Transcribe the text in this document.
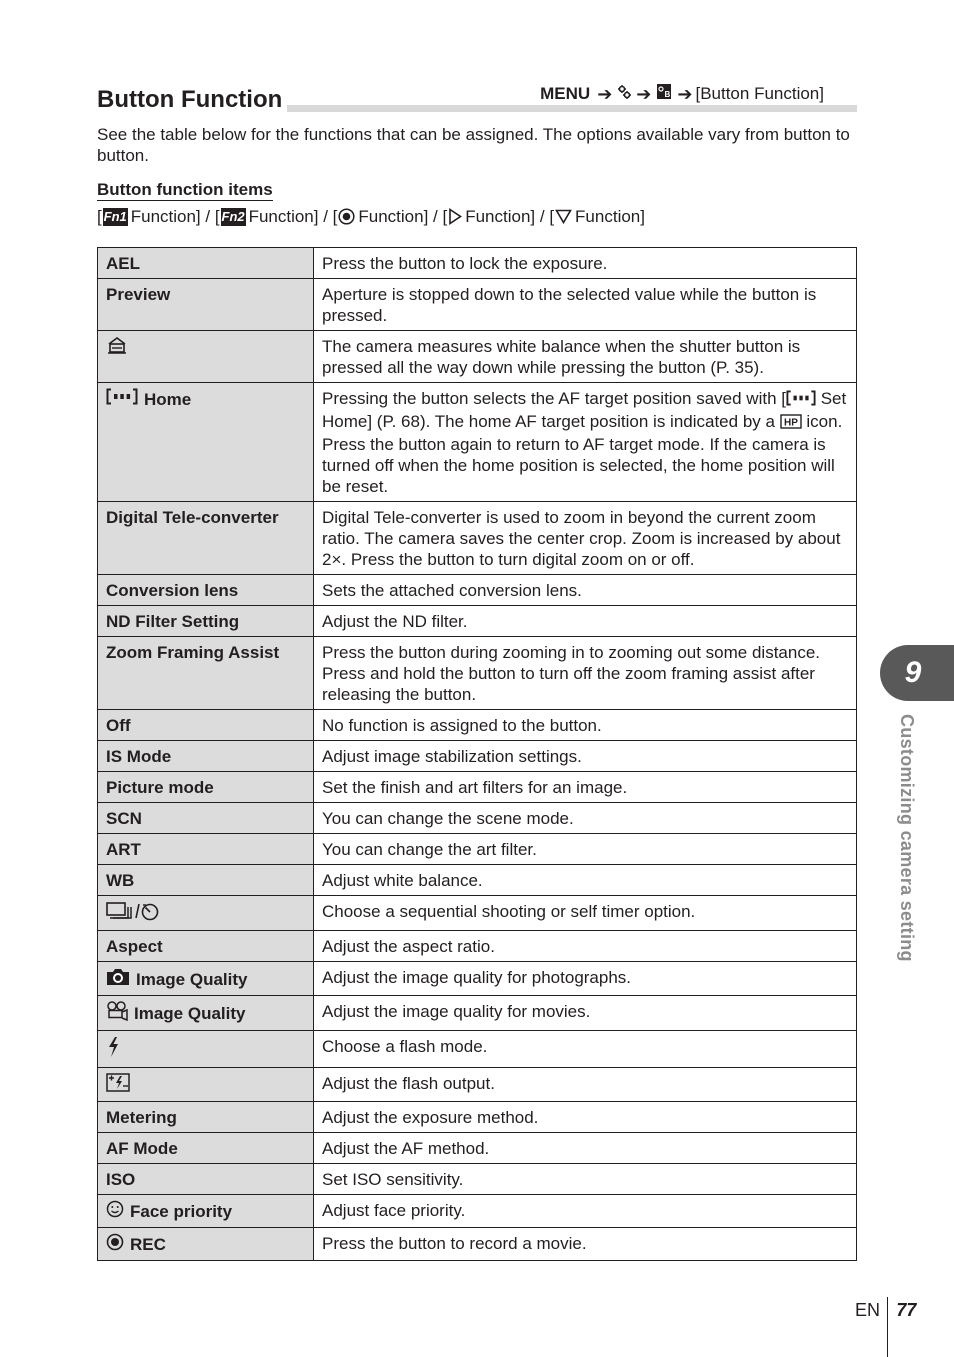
Button Function	MENU ➔ ➔ B ➔ [Button Function]

See the table below for the functions that can be assigned. The options available vary from button to button.

Button function items
[ Fn1 Function] / [ Fn2 Function] / [ Function] / [ Function] / [ Function]
AEL	Press the button to lock the exposure.
Preview	Aperture is stopped down to the selected value while the button is pressed.
	The camera measures white balance when the shutter button is pressed all the way down while pressing the button (P. 35).

Home	Pressing the button selects the AF target position saved with [ Set Home] (P. 68). The home AF target position is indicated by a HP icon. Press the button again to return to AF target mode. If the camera is turned off when the home position is selected, the home position will be reset.
Digital Tele-converter	Digital Tele-converter is used to zoom in beyond the current zoom ratio. The camera saves the center crop. Zoom is increased by about 2×. Press the button to turn digital zoom on or off.
Conversion lens	Sets the attached conversion lens.
ND Filter Setting	Adjust the ND filter.
Zoom Framing Assist	Press the button during zooming in to zooming out some distance. Press and hold the button to turn off the zoom framing assist after releasing the button.
Off	No function is assigned to the button.
IS Mode	Adjust image stabilization settings.
Picture mode	Set the finish and art filters for an image.
SCN	You can change the scene mode.
ART	You can change the art filter.
WB	Adjust white balance.
	Choose a sequential shooting or self timer option.
Aspect	Adjust the aspect ratio.

Image Quality	Adjust the image quality for photographs.

Image Quality	Adjust the image quality for movies.
	Choose a flash mode.
	Adjust the flash output.
Metering	Adjust the exposure method.
AF Mode	Adjust the AF method.
ISO	Set ISO sensitivity.

Face priority	Adjust face priority.

REC	Press the button to record a movie.
9
Customizing camera setting
EN 77
